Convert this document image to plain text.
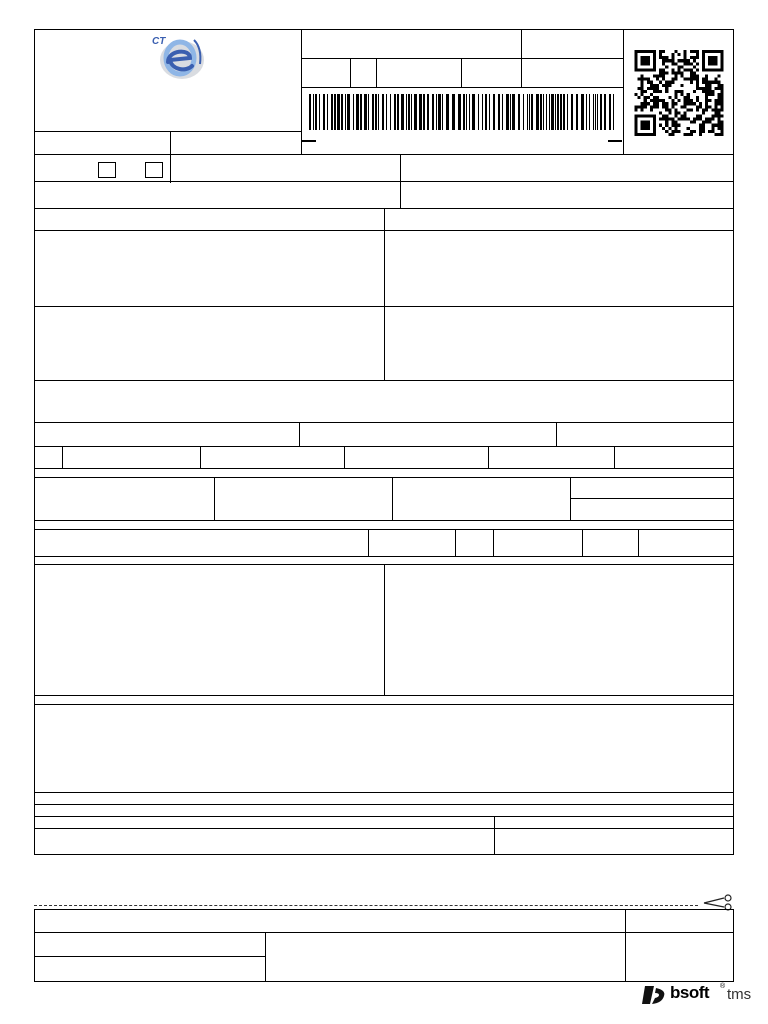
CT
bsoft ® tms
